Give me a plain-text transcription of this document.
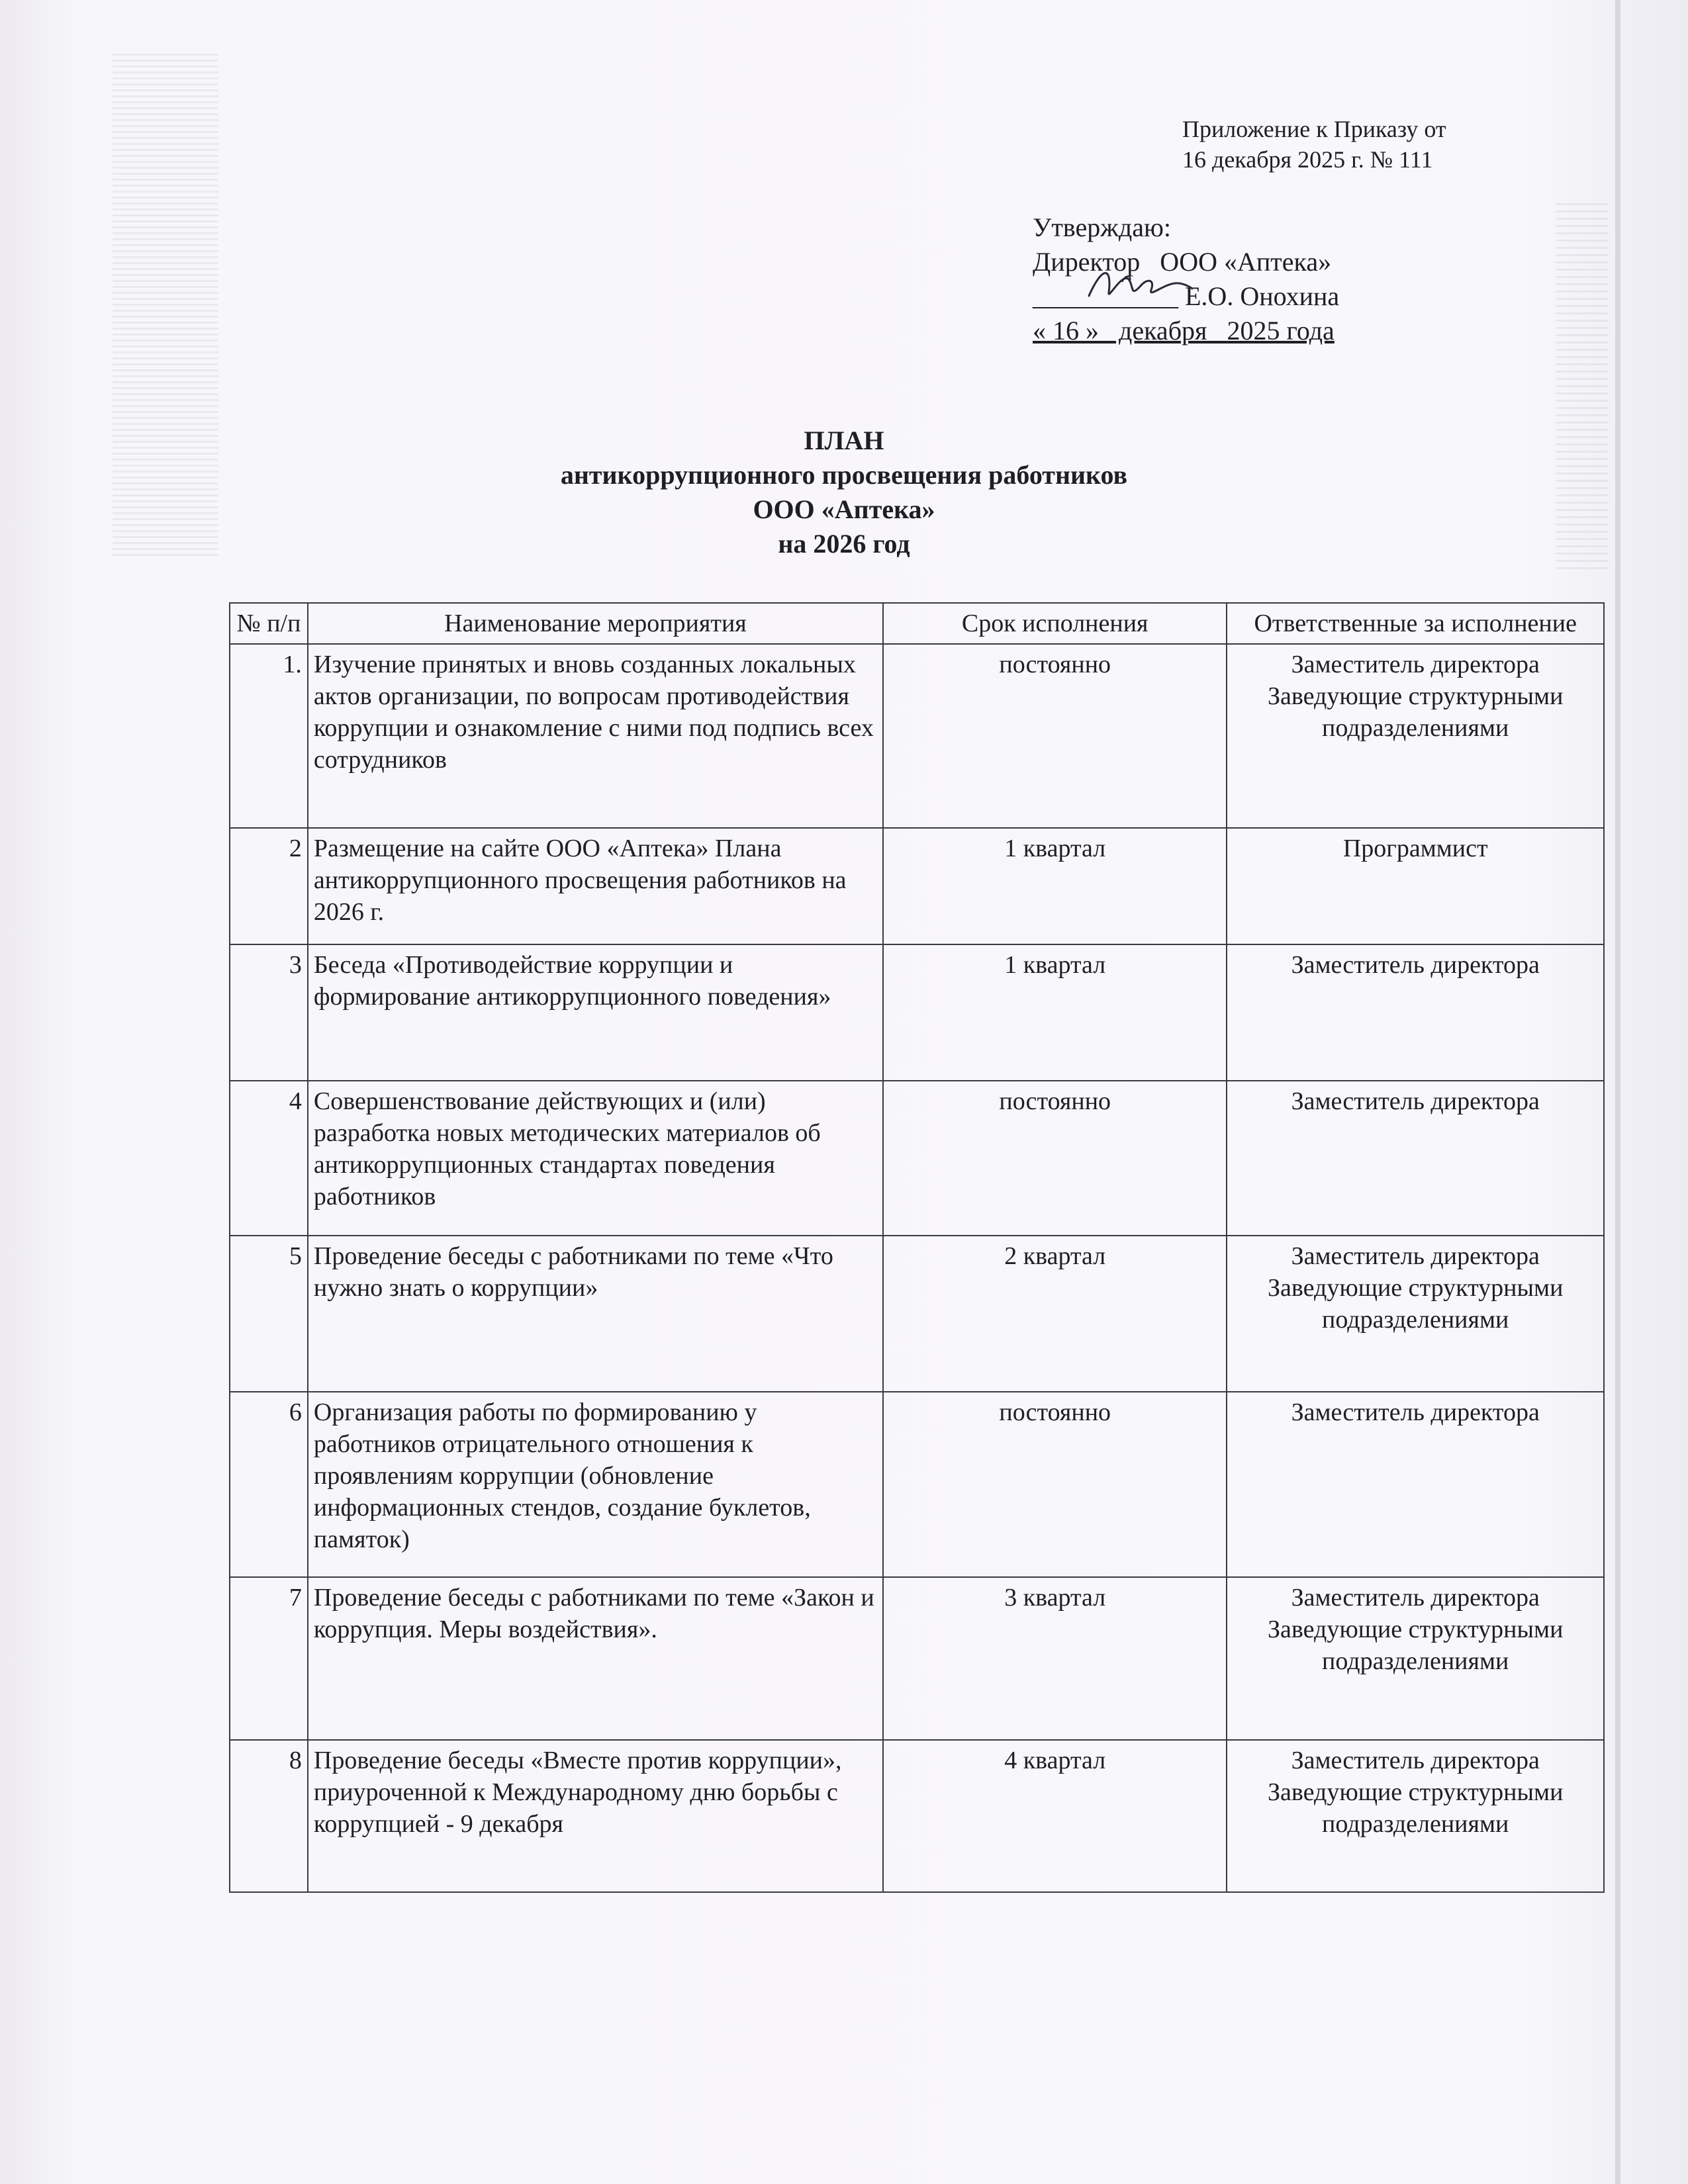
Приложение к Приказу от
16 декабря 2025 г. № 111
Утверждаю:
Директор   ООО «Аптека»
___________ Е.О. Онохина
« 16 »   декабря   2025 года
ПЛАН
антикоррупционного просвещения работников
ООО «Аптека»
на 2026 год
№ п/п	Наименование мероприятия	Срок исполнения	Ответственные за исполнение
1.	Изучение принятых и вновь созданных локальных актов организации, по вопросам противодействия коррупции и ознакомление с ними под подпись всех сотрудников	постоянно	Заместитель директора
Заведующие структурными подразделениями

2	Размещение на сайте ООО «Аптека» Плана антикоррупционного просвещения работников на 2026 г.	1 квартал	Программист

3	Беседа «Противодействие коррупции и формирование антикоррупционного поведения»	1 квартал	Заместитель директора

4	Совершенствование действующих и (или) разработка новых методических материалов об антикоррупционных стандартах поведения работников	постоянно	Заместитель директора

5	Проведение беседы с работниками по теме «Что нужно знать о коррупции»	2 квартал	Заместитель директора
Заведующие структурными подразделениями

6	Организация работы по формированию у работников отрицательного отношения к проявлениям коррупции (обновление информационных стендов, создание буклетов, памяток)	постоянно	Заместитель директора

7	Проведение беседы с работниками по теме «Закон и коррупция. Меры воздействия».	3 квартал	Заместитель директора
Заведующие структурными подразделениями

8	Проведение беседы «Вместе против коррупции», приуроченной к Международному дню борьбы с коррупцией - 9 декабря	4 квартал	Заместитель директора
Заведующие структурными подразделениями
